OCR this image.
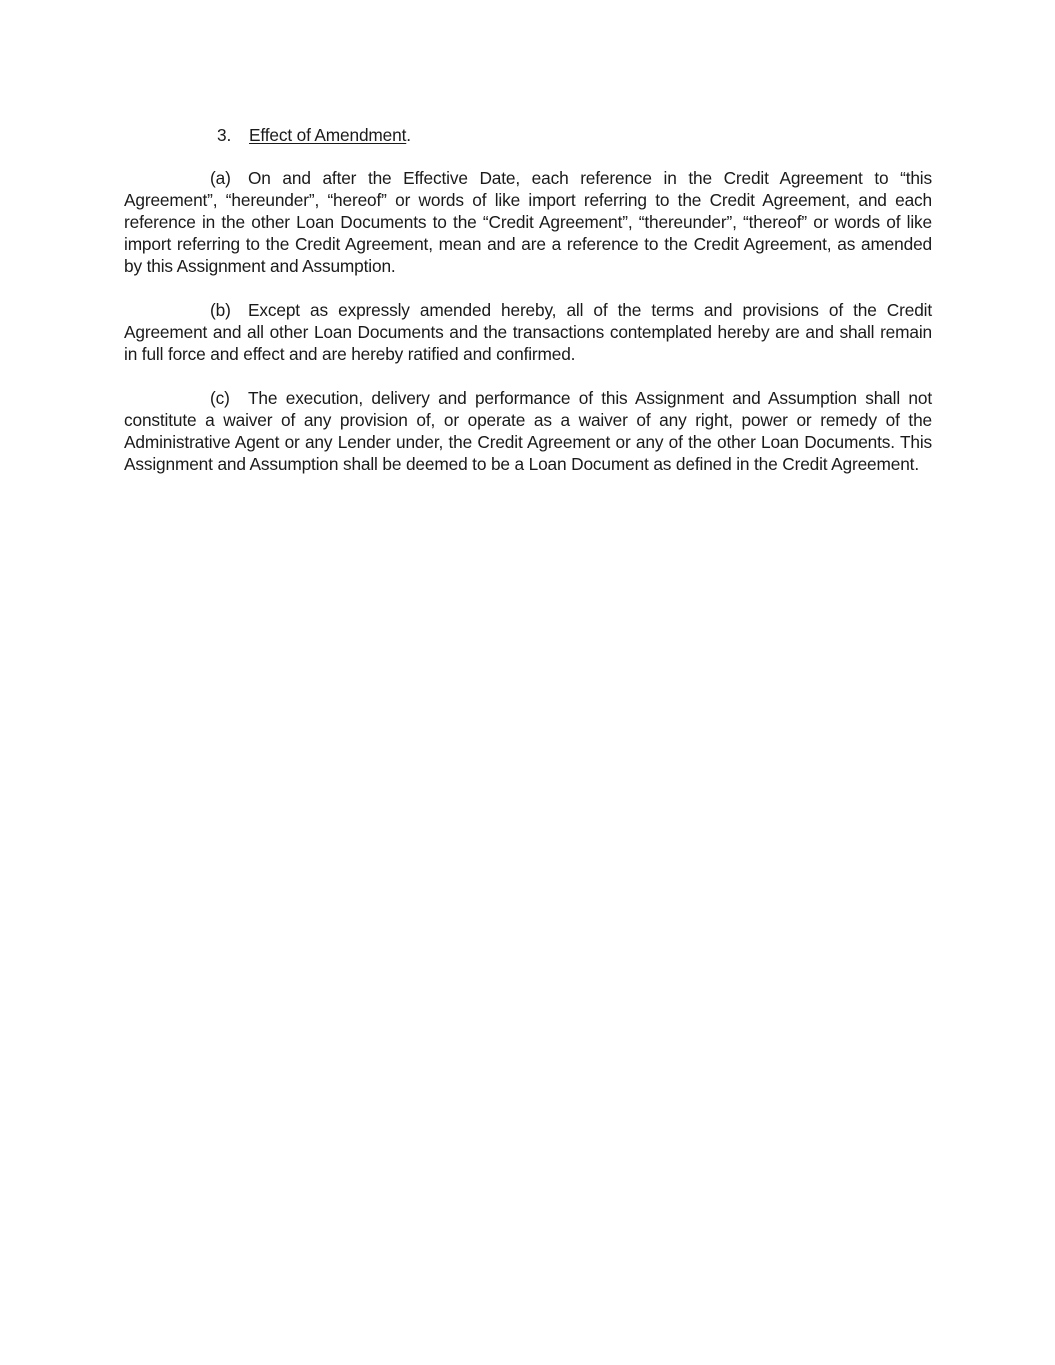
3. Effect of Amendment.

(a) On and after the Effective Date, each reference in the Credit Agreement to “this Agreement”, “hereunder”, “hereof” or words of like import referring to the Credit Agreement, and each reference in the other Loan Documents to the “Credit Agreement”, “thereunder”, “thereof” or words of like import referring to the Credit Agreement, mean and are a reference to the Credit Agreement, as amended by this Assignment and Assumption.

(b) Except as expressly amended hereby, all of the terms and provisions of the Credit Agreement and all other Loan Documents and the transactions contemplated hereby are and shall remain in full force and effect and are hereby ratified and confirmed.

(c) The execution, delivery and performance of this Assignment and Assumption shall not constitute a waiver of any provision of, or operate as a waiver of any right, power or remedy of the Administrative Agent or any Lender under, the Credit Agreement or any of the other Loan Documents. This Assignment and Assumption shall be deemed to be a Loan Document as defined in the Credit Agreement.
